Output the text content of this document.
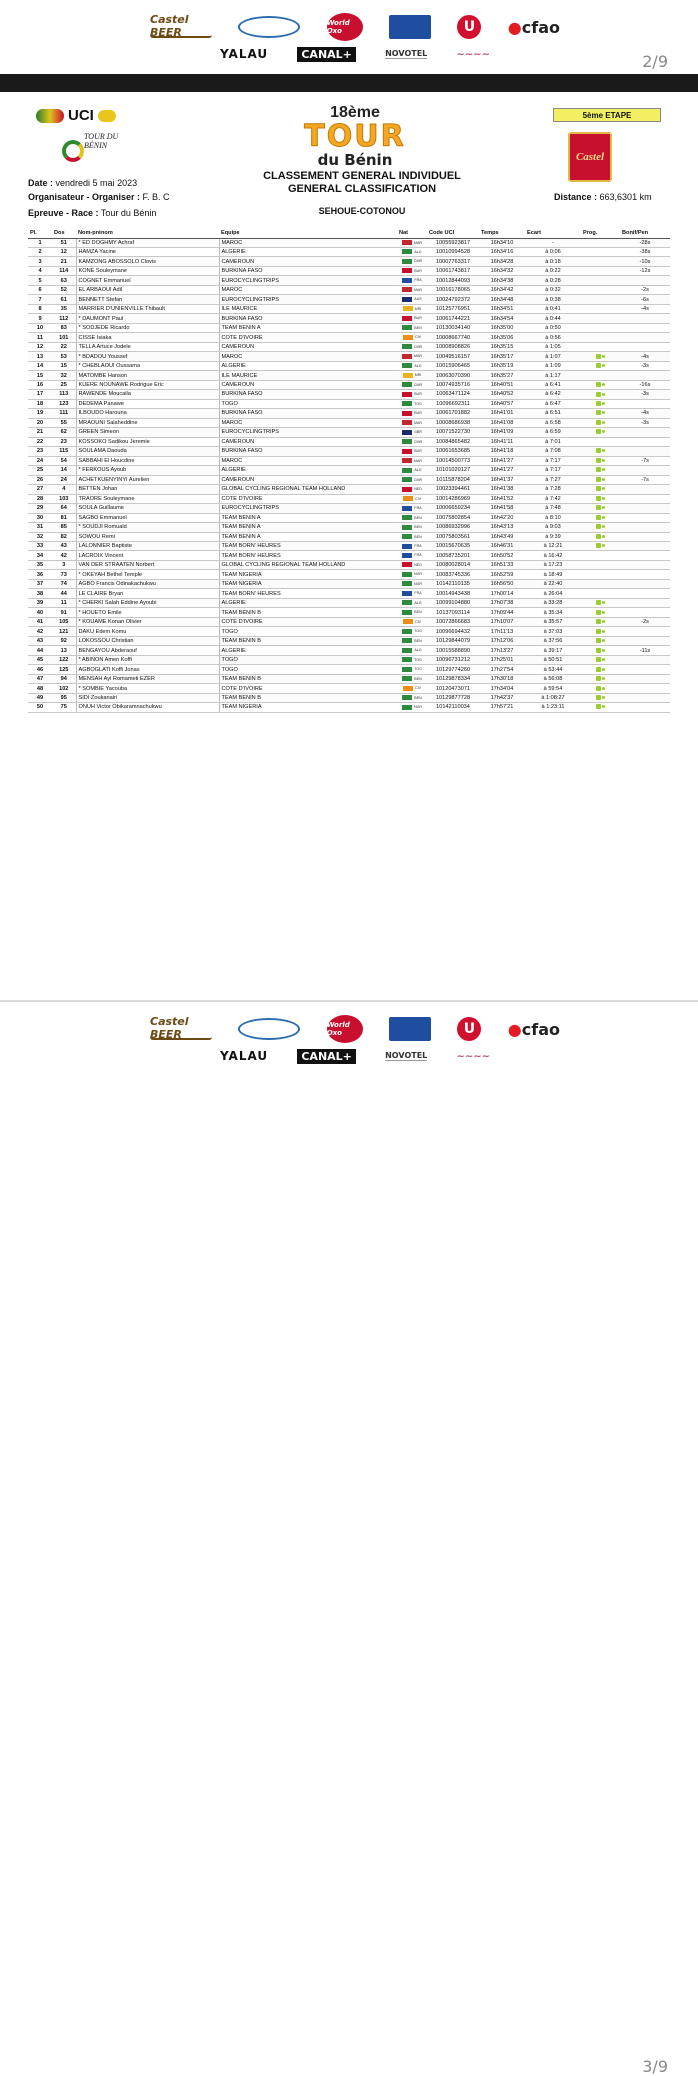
Castel BEER
World Oxo	U	● cfao
YALAU	CANAL+	NOVOTEL	~~~~	2/9
UCI
TOUR DU BÉNIN
18ème
TOUR
du Bénin
5ème ETAPE
Castel
Date : vendredi 5 mai 2023
Organisateur - Organiser : F. B. C
Epreuve - Race : Tour du Bénin
CLASSEMENT GENERAL INDIVIDUEL
GENERAL CLASSIFICATION
SEHOUE-COTONOU
Distance : 663,6301 km
Pl.	Dos	Nom-prénom	Equipe	Nat	Code UCI	Temps	Ecart	Prog.	Bonif/Pen
1	51	* ED DOGHMY Achraf	MAROC	MAR	10055923817	16h34'10	-		-28s
2	12	HAMZA Yacine	ALGERIE	ALG	10010994528	16h34'16	à 0:06		-38s
3	21	KAMZONG ABOSSOLO Clovis	CAMEROUN	CMR	10007763317	16h34'28	à 0:18		-10s
4	114	KONE Souleymane	BURKINA FASO	BUR	10061743817	16h34'32	à 0:22		-12s
5	63	COGNET Emmanuel	EUROCYCLINGTRIPS	FRA	10012844093	16h34'38	à 0:28		
6	52	EL ARBAOUI Adil	MAROC	MAR	10016178065	16h34'42	à 0:32		-2s
7	61	BENNETT Stefan	EUROCYCLINGTRIPS	AUS	10024792372	16h34'48	à 0:38		-6s
8	35	MARRIER D'UNIENVILLE Thibault	ILE MAURICE	MRI	10125776951	16h34'51	à 0:41		-4s
9	112	* DAUMONT Paul	BURKINA FASO	BUR	10061744221	16h34'54	à 0:44		
10	83	* SODJEDE Ricardo	TEAM BENIN A	BEN	10130034140	16h35'00	à 0:50		
11	101	CISSE Isiaka	COTE D'IVOIRE	CIV	10008667740	16h35'06	à 0:56		
12	22	TELLA Artuce Jodele	CAMEROUN	CMR	10008908826	16h35'15	à 1:05		
13	53	* BDADOU Youssef	MAROC	MAR	10049516157	16h35'17	à 1:07		-4s
14	15	* CHEBLAOUI Oussama	ALGERIE	ALG	10015906465	16h35'19	à 1:09		-3s
15	32	MATOMBE Hanson	ILE MAURICE	MRI	10063070390	16h35'27	à 1:17		
16	25	KUERE NOUNAWE Rodrigue Eric	CAMEROUN	CMR	10074935716	16h40'51	à 6:41		-16s
17	113	RAWENDE Moucaila	BURKINA FASO	BUR	10063471124	16h40'52	à 6:42		-3s
18	123	DEDEMA Panawe	TOGO	TOG	10096692311	16h40'57	à 6:47		
19	111	ILBOUDO Harouna	BURKINA FASO	BUR	10061701882	16h41'01	à 6:51		-4s
20	55	MRAOUNI Salaheddine	MAROC	MAR	10008686938	16h41'08	à 6:58		-3s
21	62	GREEN Simeon	EUROCYCLINGTRIPS	GBR	10071522730	16h41'09	à 6:59		
22	23	KOSSOKO Sadikou Jeremie	CAMEROUN	CMR	10084865482	16h41'11	à 7:01		
23	115	SOULAMA Daouda	BURKINA FASO	BUR	10061653685	16h41'18	à 7:08		
24	54	SABBAHI El Houcdine	MAROC	MAR	10014500773	16h41'27	à 7:17		-7s
25	14	* FERKOUS Ayoub	ALGERIE	ALG	10101020127	16h41'27	à 7:17		
26	24	ACHETKUENYINYI Aurelien	CAMEROUN	CMR	10115878204	16h41'37	à 7:27		-7s
27	4	BETTEN Johan	GLOBAL CYCLING REGIONAL TEAM HOLLAND	NED	10023394461	16h41'38	à 7:28		
28	103	TRAORE Souleymane	COTE D'IVOIRE	CIV	10014286969	16h41'52	à 7:42		
29	64	SOULA Guillaume	EUROCYCLINGTRIPS	FRA	10006659234	16h41'58	à 7:48		
30	81	SAGBO Emmanuel	TEAM BENIN A	BEN	10075802854	16h42'20	à 8:10		
31	85	* SOUDJI Romuald	TEAM BENIN A	BEN	10086932996	16h43'13	à 9:03		
32	82	SOWOU Remi	TEAM BENIN A	BEN	10075803561	16h43'49	à 9:39		
33	43	LALONNIER Baptiste	TEAM BORN' HEURES	FRA	10015670635	16h46'31	à 12:21		
34	42	LACROIX Vincent	TEAM BORN' HEURES	FRA	10058735201	16h50'52	à 16:42		
35	3	VAN DER STRAATEN Norbert	GLOBAL CYCLING REGIONAL TEAM HOLLAND	NED	10080028014	16h51'33	à 17:23		
36	73	* OKEYAH Bethel Temple	TEAM NIGERIA	NGR	10083745336	16h52'59	à 18:49		
37	74	AGBO Francis Odinakachukwu	TEAM NIGERIA	NGR	10142110135	16h56'50	à 22:40		
38	44	LE CLAIRE Bryan	TEAM BORN' HEURES	FRA	10014943438	17h00'14	à 26:04		
39	11	* CHERKI Salah Eddine Ayoubi	ALGERIE	ALG	10099104880	17h07'38	à 33:28		
40	91	* HOUETO Emile	TEAM BENIN B	BEN	10137093114	17h09'44	à 35:34		
41	105	* KOUAME Konan Olivier	COTE D'IVOIRE	CIV	10072866683	17h10'07	à 35:57		-2s
42	121	DAKU Edem Komu	TOGO	TOG	10096694432	17h11'13	à 37:03		
43	92	LOKOSSOU Christian	TEAM BENIN B	BEN	10129844079	17h12'06	à 37:56		
44	13	BENGAYOU Abderaouf	ALGERIE	ALG	10015588890	17h13'27	à 39:17		-11s
45	122	* ABINON Amen Koffi	TOGO	TOG	10096731212	17h25'01	à 50:51		
46	125	AGBOGLATI Koffi Jonas	TOGO	TOG	10129774260	17h27'54	à 53:44		
47	94	MENSAH Ayi Romameti EZER	TEAM BENIN B	BEN	10129878334	17h30'18	à 56:08		
48	102	* SOMBIE Yacouba	COTE D'IVOIRE	CIV	10120473071	17h34'04	à 59:54		
49	95	SIDI Zoukanairi	TEAM BENIN B	BEN	10129877728	17h42'37	à 1:08:27		
50	75	ONUH Victor Obikaramnachukwu	TEAM NIGERIA	NGR	10142110034	17h57'21	à 1:23:11		
Castel BEER
World Oxo	U	● cfao
YALAU	CANAL+	NOVOTEL	~~~~
3/9
